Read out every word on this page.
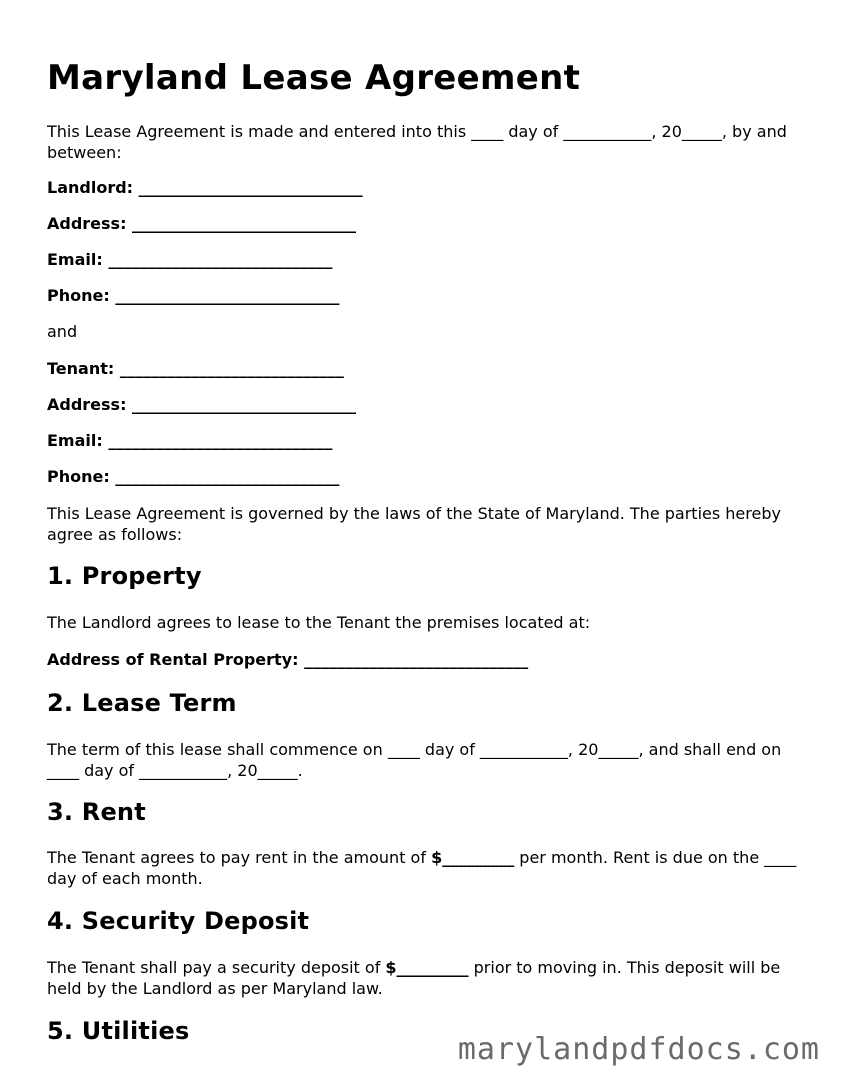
Maryland Lease Agreement
This Lease Agreement is made and entered into this ____ day of ___________, 20_____, by and between:
Landlord: ____________________________
Address: ____________________________
Email: ____________________________
Phone: ____________________________
and
Tenant: ____________________________
Address: ____________________________
Email: ____________________________
Phone: ____________________________
This Lease Agreement is governed by the laws of the State of Maryland. The parties hereby agree as follows:
1. Property
The Landlord agrees to lease to the Tenant the premises located at:
Address of Rental Property: ____________________________
2. Lease Term
The term of this lease shall commence on ____ day of ___________, 20_____, and shall end on ____ day of ___________, 20_____.
3. Rent
The Tenant agrees to pay rent in the amount of $_________ per month. Rent is due on the ____ day of each month.
4. Security Deposit
The Tenant shall pay a security deposit of $_________ prior to moving in. This deposit will be held by the Landlord as per Maryland law.
5. Utilities
marylandpdfdocs.com
